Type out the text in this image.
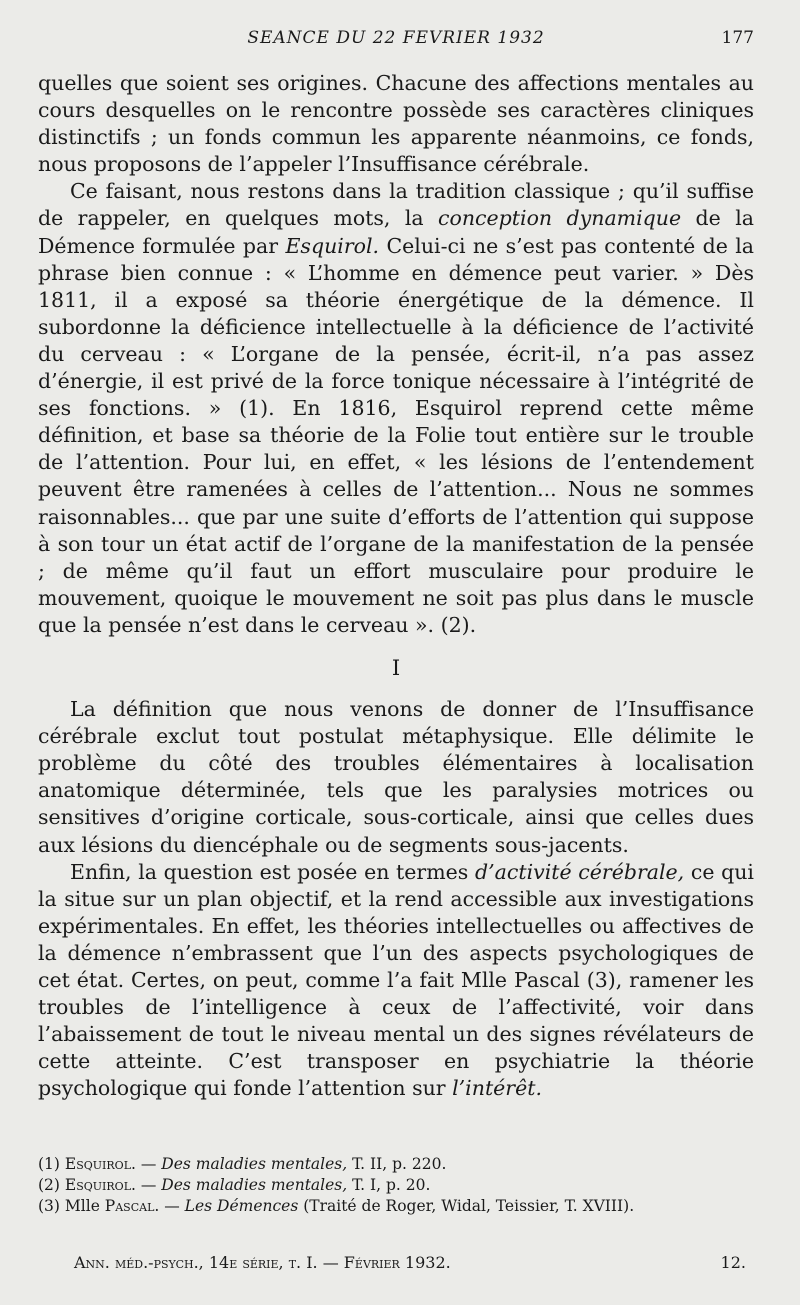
SEANCE DU 22 FEVRIER 1932	177

quelles que soient ses origines. Chacune des affections mentales au cours desquelles on le rencontre possède ses caractères cliniques distinctifs ; un fonds commun les apparente néanmoins, ce fonds, nous proposons de l’appeler l’Insuffisance cérébrale.

Ce faisant, nous restons dans la tradition classique ; qu’il suffise de rappeler, en quelques mots, la conception dynamique de la Démence formulée par Esquirol. Celui-ci ne s’est pas contenté de la phrase bien connue : « L’homme en démence peut varier. » Dès 1811, il a exposé sa théorie énergétique de la démence. Il subordonne la déficience intellectuelle à la déficience de l’activité du cerveau : « L’organe de la pensée, écrit-il, n’a pas assez d’énergie, il est privé de la force tonique nécessaire à l’intégrité de ses fonctions. » (1). En 1816, Esquirol reprend cette même définition, et base sa théorie de la Folie tout entière sur le trouble de l’attention. Pour lui, en effet, « les lésions de l’entendement peuvent être ramenées à celles de l’attention... Nous ne sommes raisonnables... que par une suite d’efforts de l’attention qui suppose à son tour un état actif de l’organe de la manifestation de la pensée ; de même qu’il faut un effort musculaire pour produire le mouvement, quoique le mouvement ne soit pas plus dans le muscle que la pensée n’est dans le cerveau ». (2).

I

La définition que nous venons de donner de l’Insuffisance cérébrale exclut tout postulat métaphysique. Elle délimite le problème du côté des troubles élémentaires à localisation anatomique déterminée, tels que les paralysies motrices ou sensitives d’origine corticale, sous-corticale, ainsi que celles dues aux lésions du diencéphale ou de segments sous-jacents.

Enfin, la question est posée en termes d’activité cérébrale, ce qui la situe sur un plan objectif, et la rend accessible aux investigations expérimentales. En effet, les théories intellectuelles ou affectives de la démence n’embrassent que l’un des aspects psychologiques de cet état. Certes, on peut, comme l’a fait Mlle Pascal (3), ramener les troubles de l’intelligence à ceux de l’affectivité, voir dans l’abaissement de tout le niveau mental un des signes révélateurs de cette atteinte. C’est transposer en psychiatrie la théorie psychologique qui fonde l’attention sur l’intérêt.

(1) Esquirol. — Des maladies mentales, T. II, p. 220.

(2) Esquirol. — Des maladies mentales, T. I, p. 20.

(3) Mlle Pascal. — Les Démences (Traité de Roger, Widal, Teissier, T. XVIII).

Ann. méd.-psych., 14e série, t. I. — Février 1932.	12.
